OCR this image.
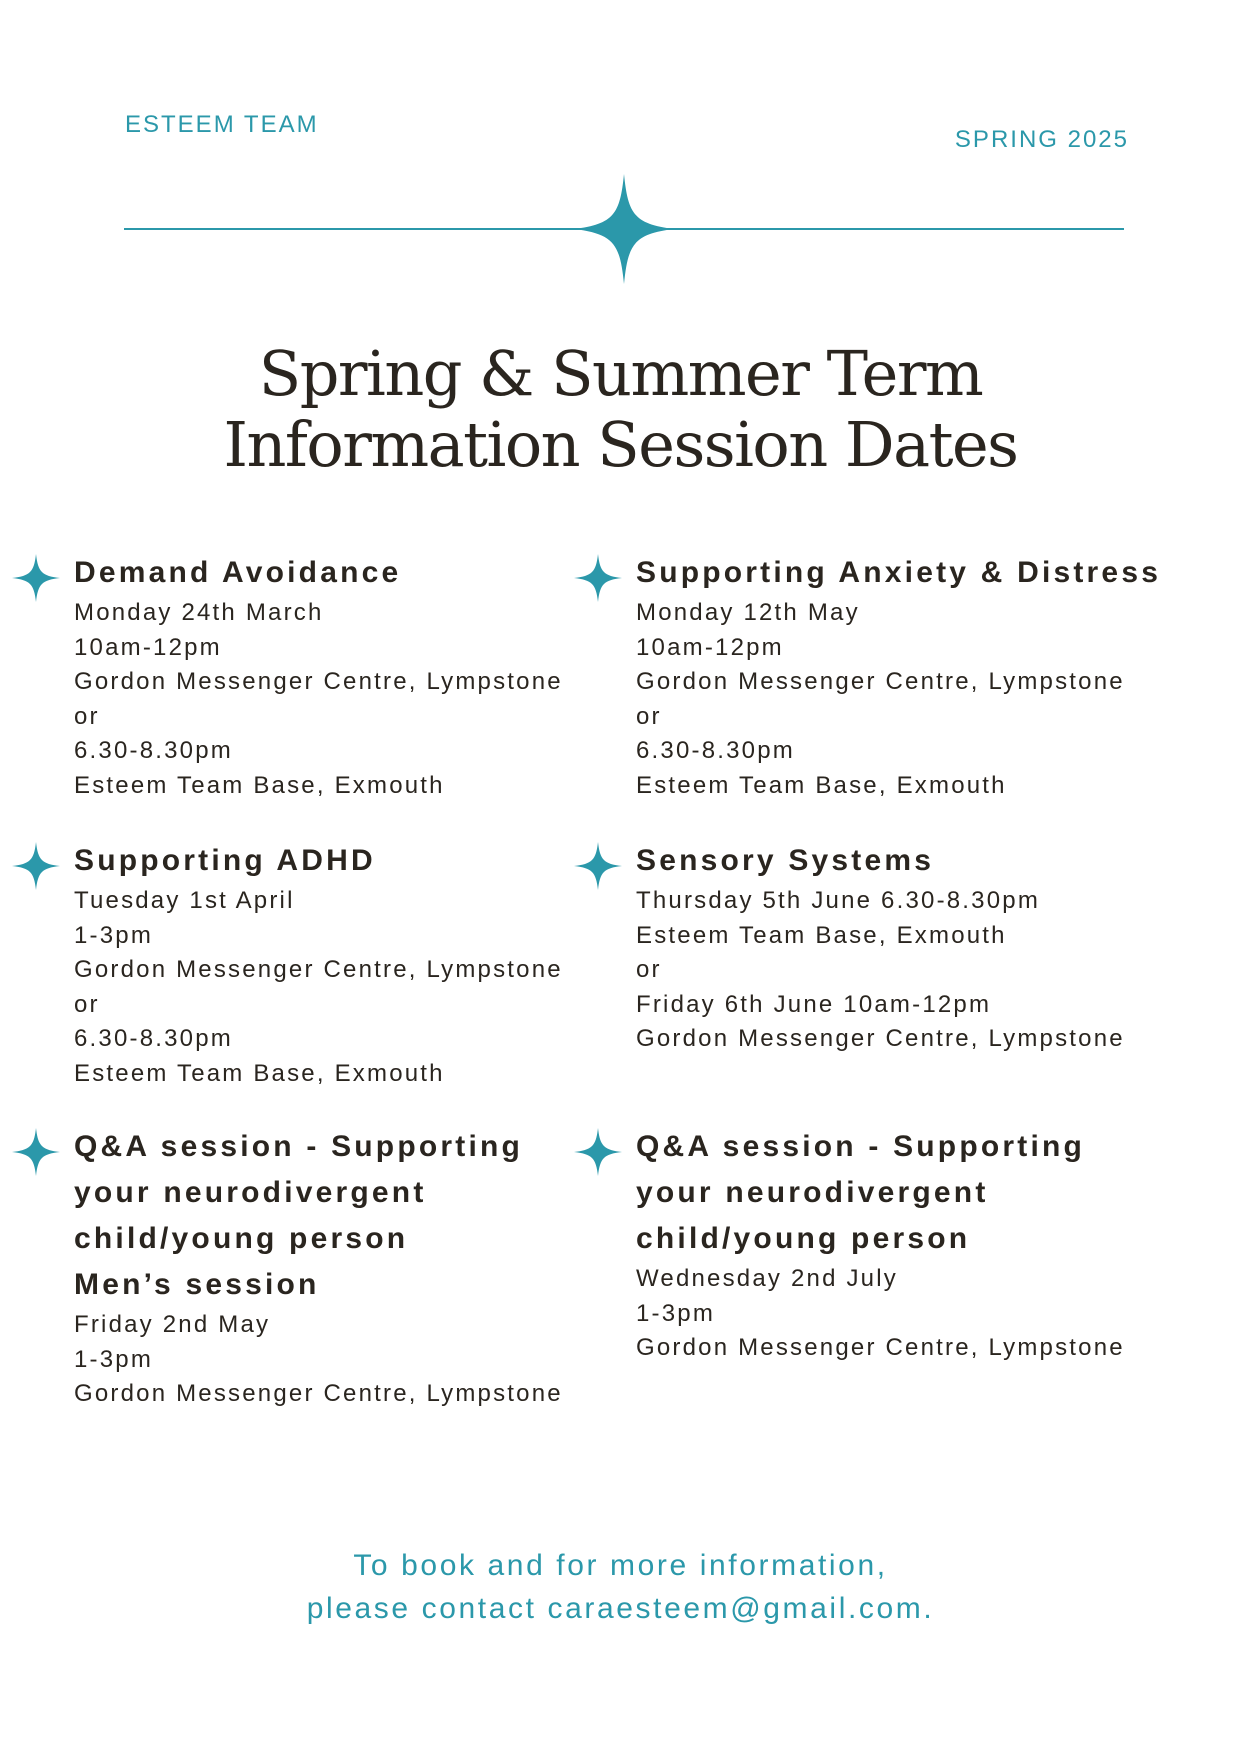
ESTEEM TEAM
SPRING 2025
Spring & Summer Term
Information Session Dates
Demand Avoidance
Monday 24th March
10am-12pm
Gordon Messenger Centre, Lympstone
or
6.30-8.30pm
Esteem Team Base, Exmouth
Supporting Anxiety & Distress
Monday 12th May
10am-12pm
Gordon Messenger Centre, Lympstone
or
6.30-8.30pm
Esteem Team Base, Exmouth
Supporting ADHD
Tuesday 1st April
1-3pm
Gordon Messenger Centre, Lympstone
or
6.30-8.30pm
Esteem Team Base, Exmouth
Sensory Systems
Thursday 5th June 6.30-8.30pm
Esteem Team Base, Exmouth
or
Friday 6th June 10am-12pm
Gordon Messenger Centre, Lympstone
Q&A session - Supporting
your neurodivergent
child/young person
Men’s session
Friday 2nd May
1-3pm
Gordon Messenger Centre, Lympstone
Q&A session - Supporting
your neurodivergent
child/young person
Wednesday 2nd July
1-3pm
Gordon Messenger Centre, Lympstone
To book and for more information,
please contact caraesteem@gmail.com.
